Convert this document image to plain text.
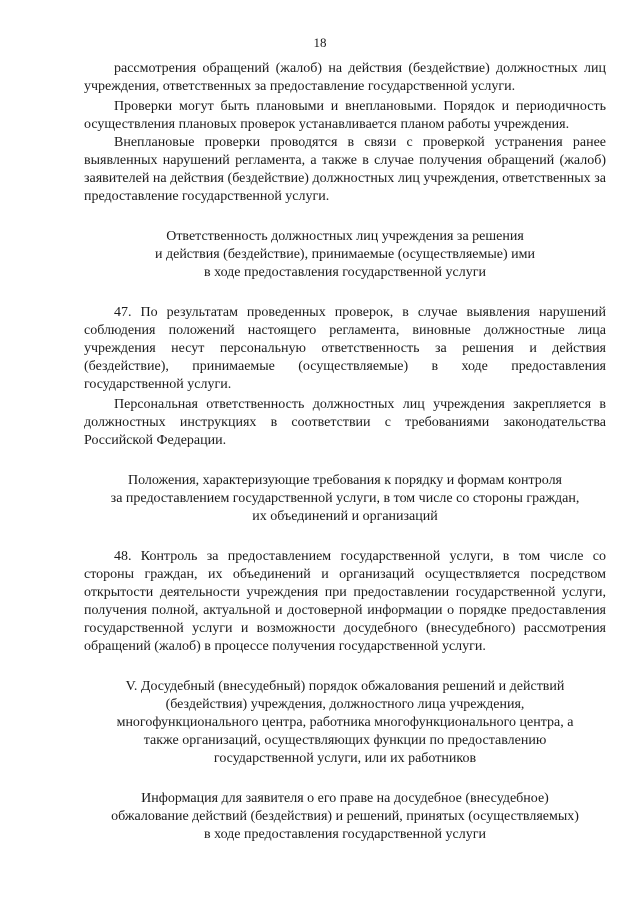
18

рассмотрения обращений (жалоб) на действия (бездействие) должностных лиц учреждения, ответственных за предоставление государственной услуги.

Проверки могут быть плановыми и внеплановыми. Порядок и периодичность осуществления плановых проверок устанавливается планом работы учреждения.

Внеплановые проверки проводятся в связи с проверкой устранения ранее выявленных нарушений регламента, а также в случае получения обращений (жалоб) заявителей на действия (бездействие) должностных лиц учреждения, ответственных за предоставление государственной услуги.

Ответственность должностных лиц учреждения за решения
и действия (бездействие), принимаемые (осуществляемые) ими
в ходе предоставления государственной услуги

47. По результатам проведенных проверок, в случае выявления нарушений соблюдения положений настоящего регламента, виновные должностные лица учреждения несут персональную ответственность за решения и действия (бездействие), принимаемые (осуществляемые) в ходе предоставления государственной услуги.

Персональная ответственность должностных лиц учреждения закрепляется в должностных инструкциях в соответствии с требованиями законодательства Российской Федерации.

Положения, характеризующие требования к порядку и формам контроля
за предоставлением государственной услуги, в том числе со стороны граждан,
их объединений и организаций

48. Контроль за предоставлением государственной услуги, в том числе со стороны граждан, их объединений и организаций осуществляется посредством открытости деятельности учреждения при предоставлении государственной услуги, получения полной, актуальной и достоверной информации о порядке предоставления государственной услуги и возможности досудебного (внесудебного) рассмотрения обращений (жалоб) в процессе получения государственной услуги.

V. Досудебный (внесудебный) порядок обжалования решений и действий
(бездействия) учреждения, должностного лица учреждения,
многофункционального центра, работника многофункционального центра, а
также организаций, осуществляющих функции по предоставлению
государственной услуги, или их работников
Информация для заявителя о его праве на досудебное (внесудебное)
обжалование действий (бездействия) и решений, принятых (осуществляемых)
в ходе предоставления государственной услуги
